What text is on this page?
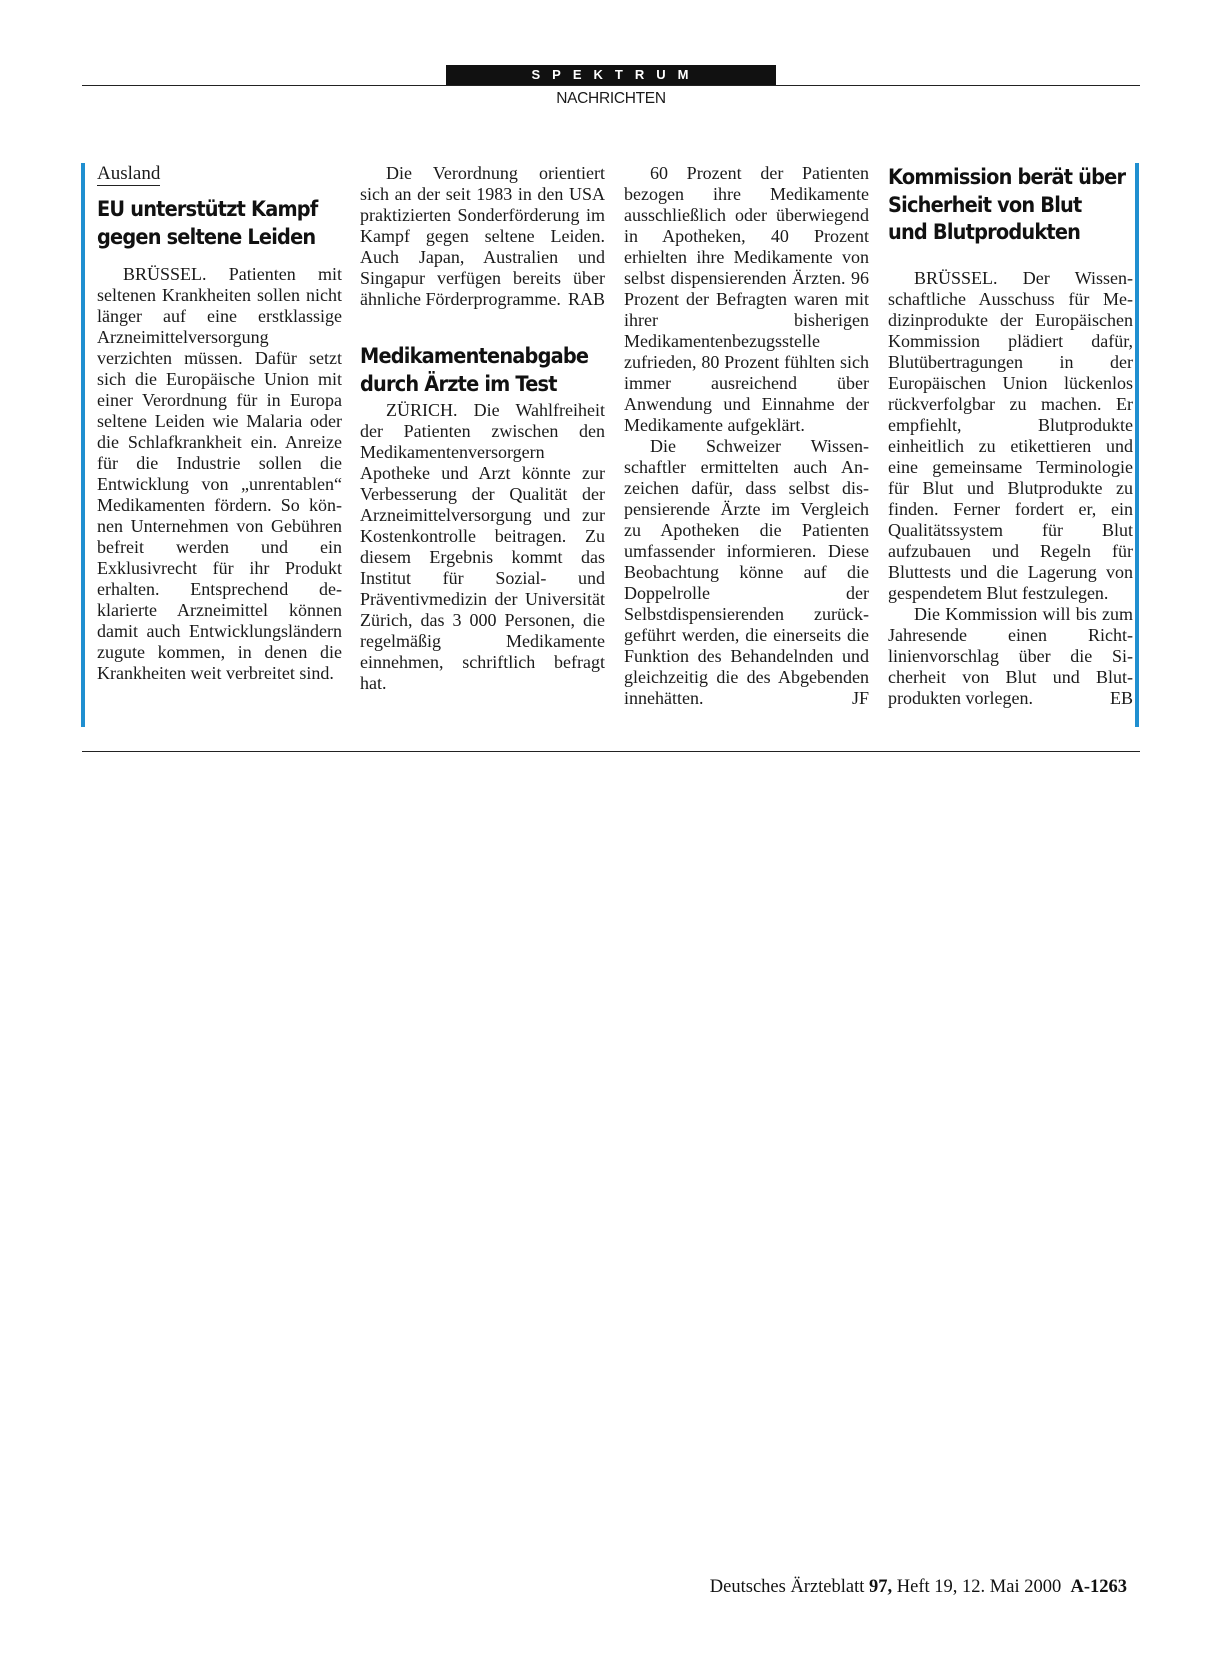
SPEKTRUM
NACHRICHTEN
Ausland
EU unterstützt Kampf
gegen seltene Leiden

BRÜSSEL. Patienten mit seltenen Krankheiten sollen nicht länger auf eine erstklassige Arzneimittelversorgung verzichten müssen. Dafür setzt sich die Europäische Union mit einer Verordnung für in Europa seltene Leiden wie Malaria oder die Schlafkrankheit ein. Anreize für die Industrie sollen die Entwicklung von „unrentablen“ Medikamenten fördern. So können Unternehmen von Gebühren befreit werden und ein Exklusivrecht für ihr Produkt erhalten. Entsprechend deklarierte Arzneimittel können damit auch Entwicklungsländern zugute kommen, in denen die Krankheiten weit verbreitet sind.

Die Verordnung orientiert sich an der seit 1983 in den USA praktizierten Sonderförderung im Kampf gegen seltene Leiden. Auch Japan, Australien und Singapur verfügen bereits über ähnliche Förderprogramme. RAB

Medikamentenabgabe
durch Ärzte im Test

ZÜRICH. Die Wahlfreiheit der Patienten zwischen den Medikamentenversorgern Apotheke und Arzt könnte zur Verbesserung der Qualität der Arzneimittelversorgung und zur Kostenkontrolle beitragen. Zu diesem Ergebnis kommt das Institut für Sozial- und Präventivmedizin der Universität Zürich, das 3 000 Personen, die regelmäßig Medikamente einnehmen, schriftlich befragt hat.

60 Prozent der Patienten bezogen ihre Medikamente ausschließlich oder überwiegend in Apotheken, 40 Prozent erhielten ihre Medikamente von selbst dispensierenden Ärzten. 96 Prozent der Befragten waren mit ihrer bisherigen Medikamentenbezugsstelle zufrieden, 80 Prozent fühlten sich immer ausreichend über Anwendung und Einnahme der Medikamente aufgeklärt.

Die Schweizer Wissenschaftler ermittelten auch Anzeichen dafür, dass selbst dispensierende Ärzte im Vergleich zu Apotheken die Patienten umfassender informieren. Diese Beobachtung könne auf die Doppelrolle der Selbstdispensierenden zurückgeführt werden, die einerseits die Funktion des Behandelnden und gleichzeitig die des Abgebenden innehätten.	JF

Kommission berät über
Sicherheit von Blut
und Blutprodukten

BRÜSSEL. Der Wissenschaftliche Ausschuss für Medizinprodukte der Europäischen Kommission plädiert dafür, Blutübertragungen in der Europäischen Union lückenlos rückverfolgbar zu machen. Er empfiehlt, Blutprodukte einheitlich zu etikettieren und eine gemeinsame Terminologie für Blut und Blutprodukte zu finden. Ferner fordert er, ein Qualitätssystem für Blut aufzubauen und Regeln für Bluttests und die Lagerung von gespendetem Blut festzulegen.

Die Kommission will bis zum Jahresende einen Richtlinienvorschlag über die Sicherheit von Blut und Blutprodukten vorlegen.	EB

Deutsches Ärzteblatt 97, Heft 19, 12. Mai 2000 A-1263
